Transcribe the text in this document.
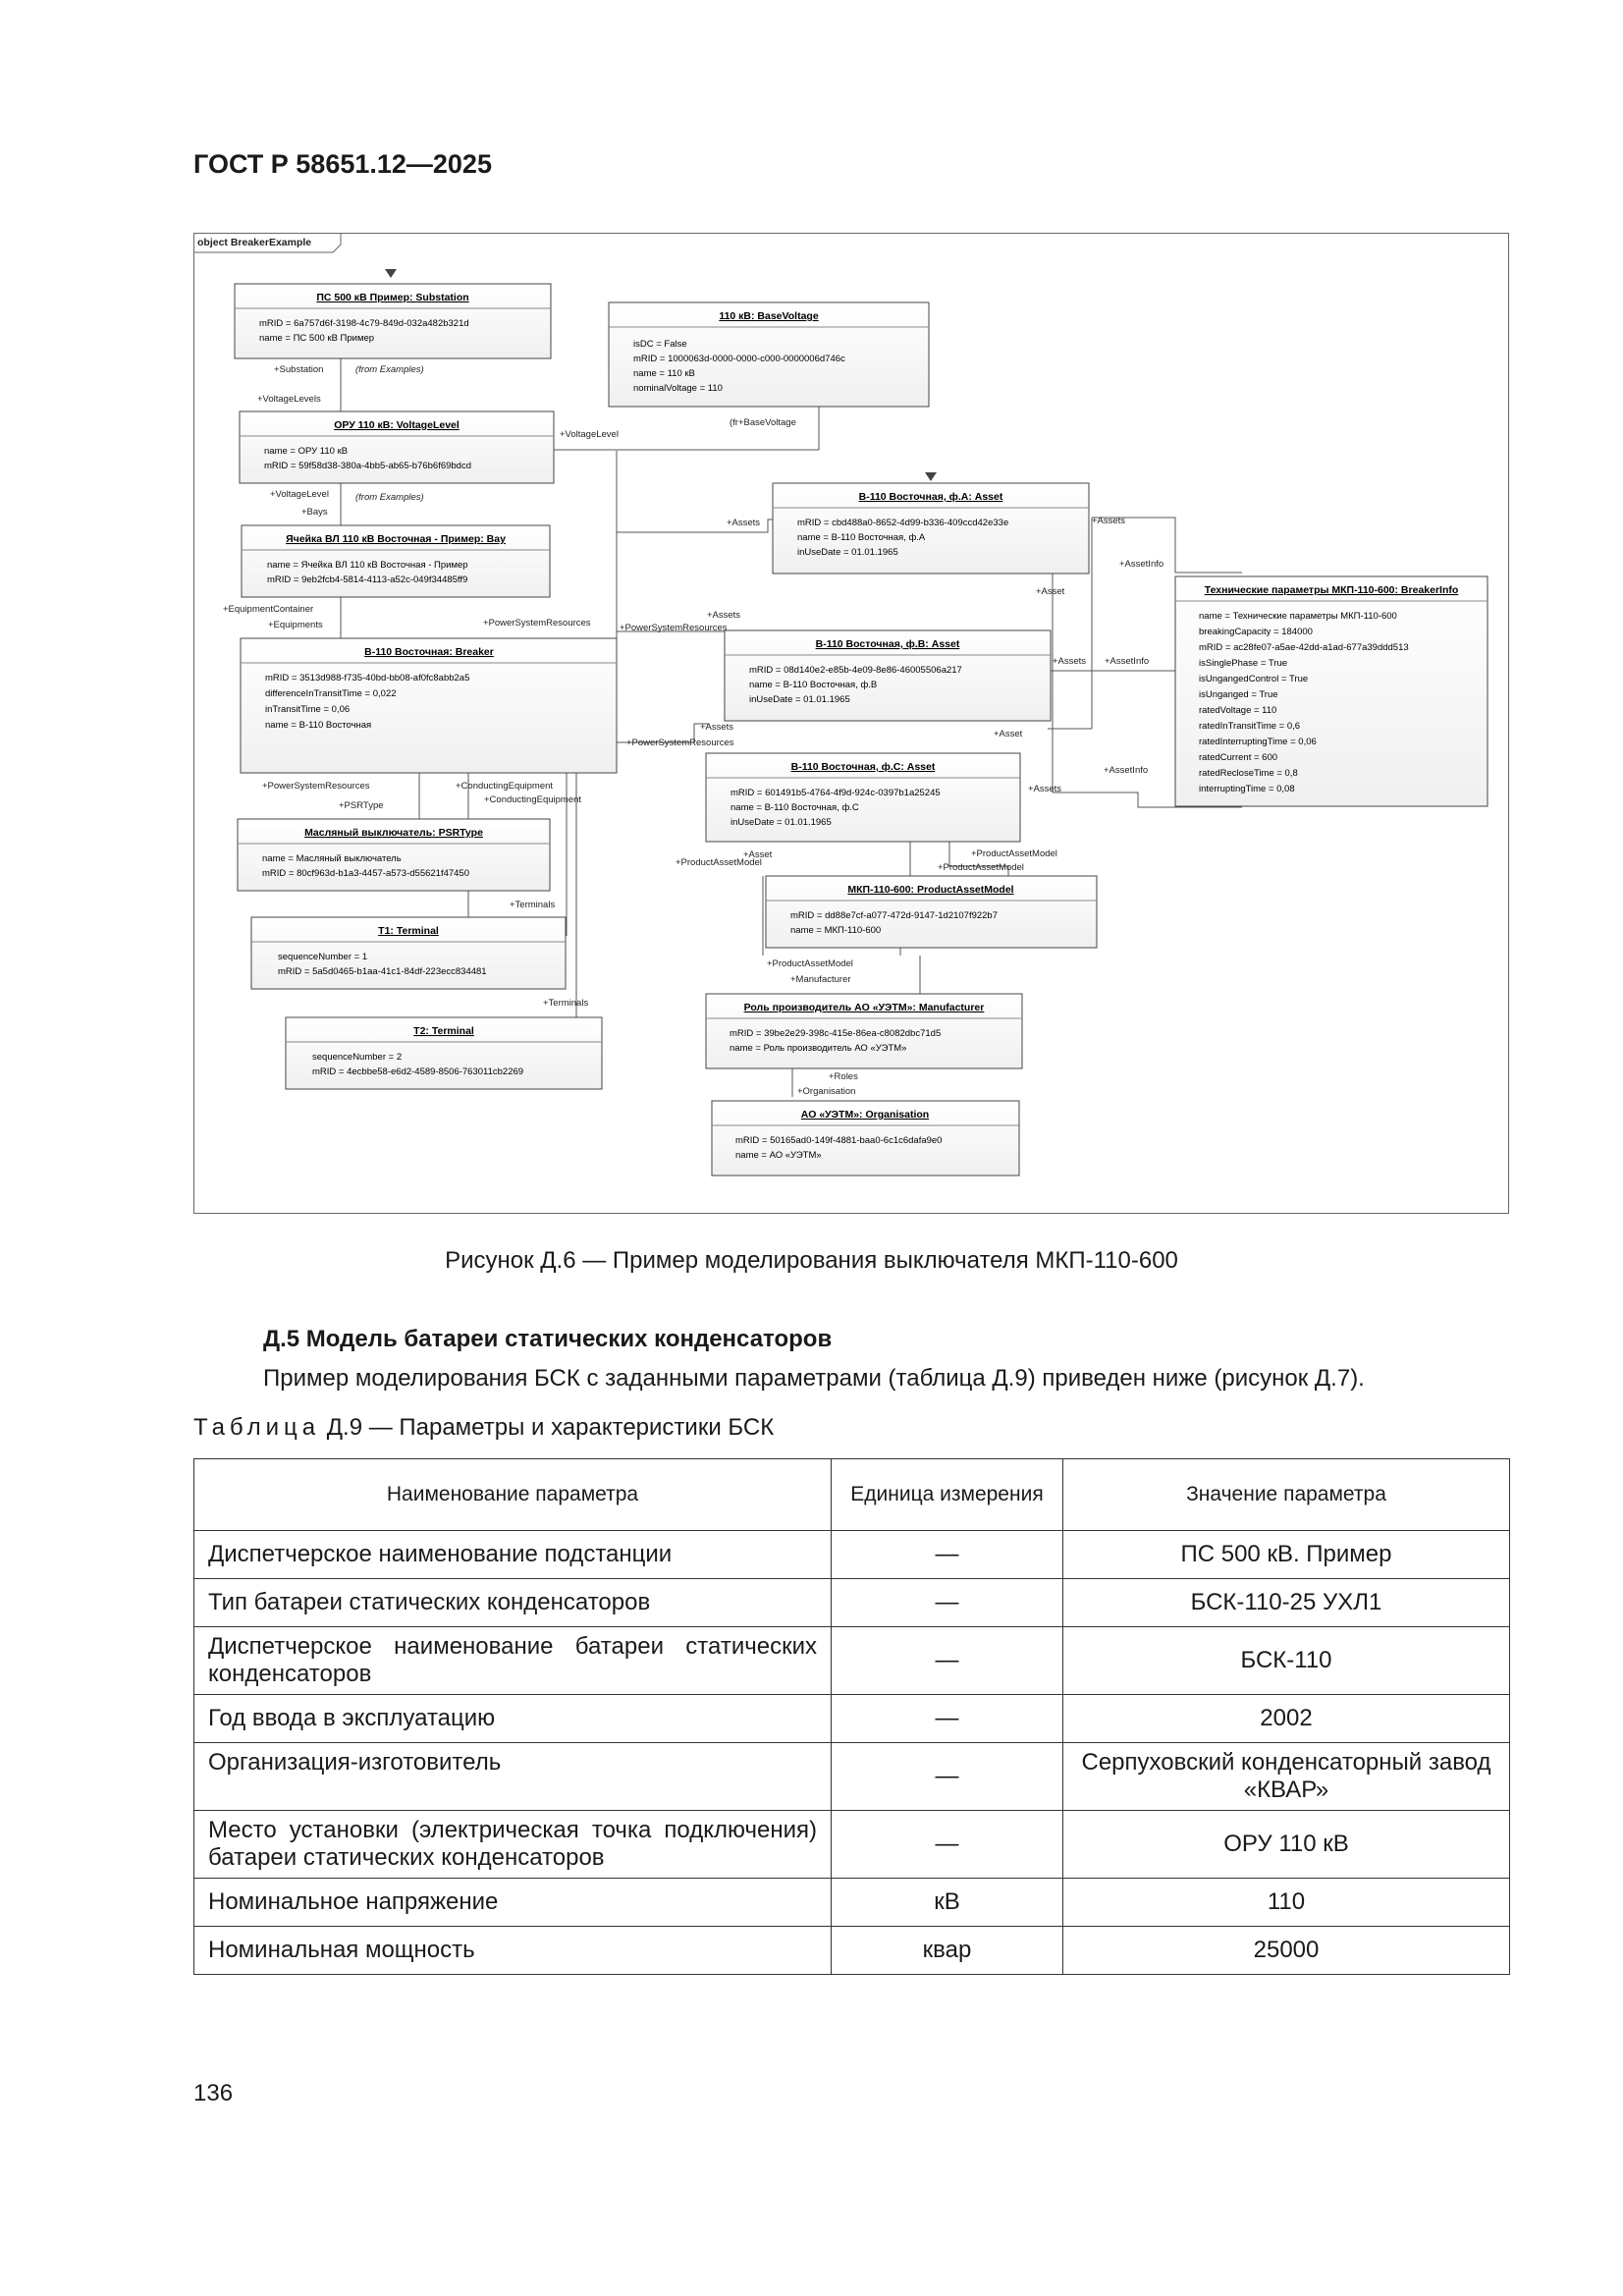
ГОСТ Р 58651.12—2025
object BreakerExample
ПС 500 кВ Пример: Substation
mRID = 6a757d6f-3198-4c79-849d-032a482b321d
name = ПС 500 кВ Пример
110 кВ: BaseVoltage
isDC = False
mRID = 1000063d-0000-0000-c000-0000006d746c
name = 110 кВ
nominalVoltage = 110
ОРУ 110 кВ: VoltageLevel
name = ОРУ 110 кВ
mRID = 59f58d38-380a-4bb5-ab65-b76b6f69bdcd
Ячейка ВЛ 110 кВ Восточная - Пример: Bay
name = Ячейка ВЛ 110 кВ Восточная - Пример
mRID = 9eb2fcb4-5814-4113-a52c-049f34485ff9
В-110 Восточная, ф.А: Asset
mRID = cbd488a0-8652-4d99-b336-409ccd42e33e
name = В-110 Восточная, ф.А
inUseDate = 01.01.1965
Технические параметры МКП-110-600: BreakerInfo
name = Технические параметры МКП-110-600
breakingCapacity = 184000
mRID = ac28fe07-a5ae-42dd-a1ad-677a39ddd513
isSinglePhase = True
isUngangedControl = True
isUnganged = True
ratedVoltage = 110
ratedInTransitTime = 0,6
ratedInterruptingTime = 0,06
ratedCurrent = 600
ratedRecloseTime = 0,8
interruptingTime = 0,08
В-110 Восточная: Breaker
mRID = 3513d988-f735-40bd-bb08-af0fc8abb2a5
differenceInTransitTime = 0,022
inTransitTime = 0,06
name = В-110 Восточная
В-110 Восточная, ф.В: Asset
mRID = 08d140e2-e85b-4e09-8e86-46005506a217
name = В-110 Восточная, ф.В
inUseDate = 01.01.1965
В-110 Восточная, ф.С: Asset
mRID = 601491b5-4764-4f9d-924c-0397b1a25245
name = В-110 Восточная, ф.С
inUseDate = 01.01.1965
Масляный выключатель: PSRType
name = Масляный выключатель
mRID = 80cf963d-b1a3-4457-a573-d55621f47450
МКП-110-600: ProductAssetModel
mRID = dd88e7cf-a077-472d-9147-1d2107f922b7
name = МКП-110-600
T1: Terminal
sequenceNumber = 1
mRID = 5a5d0465-b1aa-41c1-84df-223ecc834481
Роль производитель АО «УЭТМ»: Manufacturer
mRID = 39be2e29-398c-415e-86ea-c8082dbc71d5
name = Роль производитель АО «УЭТМ»
T2: Terminal
sequenceNumber = 2
mRID = 4ecbbe58-e6d2-4589-8506-763011cb2269
АО «УЭТМ»: Organisation
mRID = 50165ad0-149f-4881-baa0-6c1c6dafa9e0
name = АО «УЭТМ»
+Substation	(from Examples)
+VoltageLevels
+VoltageLevel
(fr+BaseVoltage
+VoltageLevel	(from Examples)
+Bays
+Assets	+Assets
+AssetInfo
+Asset
+EquipmentContainer
+Equipments	+PowerSystemResources
+Assets
+PowerSystemResources
+Assets +AssetInfo
+Assets
+PowerSystemResources
+Asset
+PowerSystemResources	+ConductingEquipment
+ConductingEquipment
+PSRType
+Assets
+AssetInfo
+Asset
+ProductAssetModel
+ProductAssetModel
+ProductAssetModel
+Terminals
+ProductAssetModel
+Manufacturer
+Terminals
+Roles
+Organisation
Рисунок Д.6 — Пример моделирования выключателя МКП-110-600
Д.5 Модель батареи статических конденсаторов
Пример моделирования БСК с заданными параметрами (таблица Д.9) приведен ниже (рисунок Д.7).
Таблица Д.9 — Параметры и характеристики БСК
Наименование параметра	Единица измерения	Значение параметра
Диспетчерское наименование подстанции	—	ПС 500 кВ. Пример
Тип батареи статических конденсаторов	—	БСК-110-25 УХЛ1
Диспетчерское наименование батареи статических конденсаторов	—	БСК-110
Год ввода в эксплуатацию	—	2002
Организация-изготовитель	—	Серпуховский конденсаторный завод «КВАР»
Место установки (электрическая точка подключения) батареи статических конденсаторов	—	ОРУ 110 кВ
Номинальное напряжение	кВ	110
Номинальная мощность	квар	25000
136
